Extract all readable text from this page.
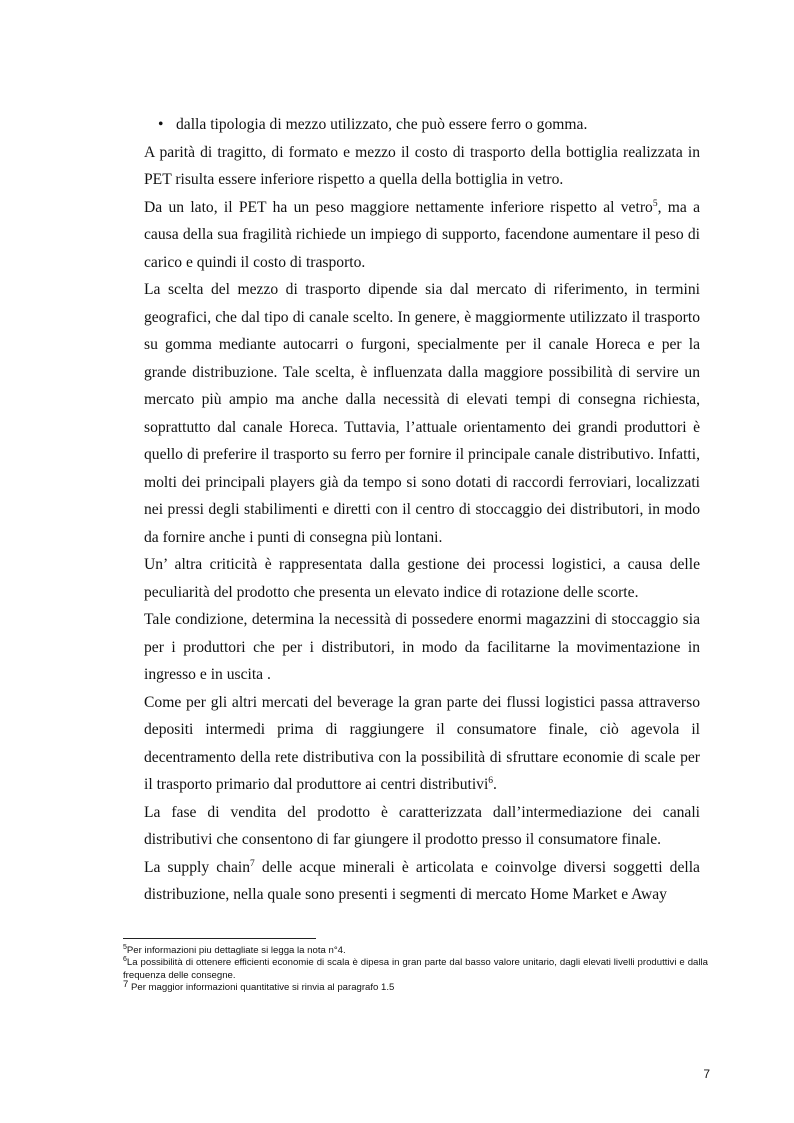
• dalla tipologia di mezzo utilizzato, che può essere ferro o gomma.

A parità di tragitto, di formato e mezzo il costo di trasporto della bottiglia realizzata in PET risulta essere inferiore rispetto a quella della bottiglia in vetro.

Da un lato, il PET ha un peso maggiore nettamente inferiore rispetto al vetro$^5$, ma a causa della sua fragilità richiede un impiego di supporto, facendone aumentare il peso di carico e quindi il costo di trasporto.

La scelta del mezzo di trasporto dipende sia dal mercato di riferimento, in termini geografici, che dal tipo di canale scelto. In genere, è maggiormente utilizzato il trasporto su gomma mediante autocarri o furgoni, specialmente per il canale Horeca e per la grande distribuzione. Tale scelta, è influenzata dalla maggiore possibilità di servire un mercato più ampio ma anche dalla necessità di elevati tempi di consegna richiesta, soprattutto dal canale Horeca. Tuttavia, l’attuale orientamento dei grandi produttori è quello di preferire il trasporto su ferro per fornire il principale canale distributivo. Infatti, molti dei principali players già da tempo si sono dotati di raccordi ferroviari, localizzati nei pressi degli stabilimenti e diretti con il centro di stoccaggio dei distributori, in modo da fornire anche i punti di consegna più lontani.

Un’ altra criticità è rappresentata dalla gestione dei processi logistici, a causa delle peculiarità del prodotto che presenta un elevato indice di rotazione delle scorte.

Tale condizione, determina la necessità di possedere enormi magazzini di stoccaggio sia per i produttori che per i distributori, in modo da facilitarne la movimentazione in ingresso e in uscita .

Come per gli altri mercati del beverage la gran parte dei flussi logistici passa attraverso depositi intermedi prima di raggiungere il consumatore finale, ciò agevola il decentramento della rete distributiva con la possibilità di sfruttare economie di scale per il trasporto primario dal produttore ai centri distributivi$^6$.

La fase di vendita del prodotto è caratterizzata dall’intermediazione dei canali distributivi che consentono di far giungere il prodotto presso il consumatore finale.

La supply chain$^7$ delle acque minerali è articolata e coinvolge diversi soggetti della distribuzione, nella quale sono presenti i segmenti di mercato Home Market e Away

$^5$Per informazioni piu dettagliate si legga la nota n°4.

$^6$La possibilità di ottenere efficienti economie di scala è dipesa in gran parte dal basso valore unitario, dagli elevati livelli produttivi e dalla frequenza delle consegne.

$^7$ Per maggior informazioni quantitative si rinvia al paragrafo 1.5

7
